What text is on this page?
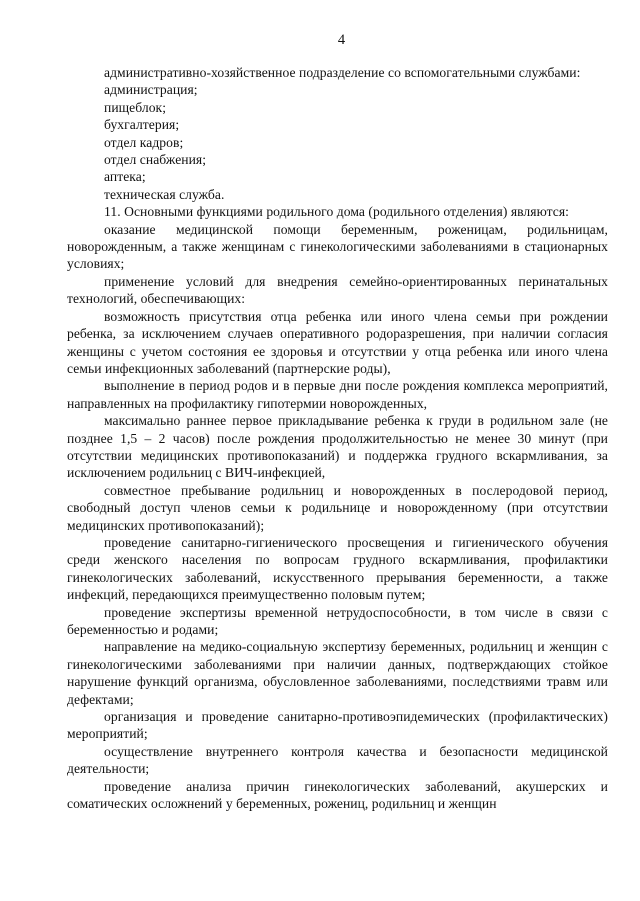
4

административно-хозяйственное подразделение со вспомогательными службами:

администрация;

пищеблок;

бухгалтерия;

отдел кадров;

отдел снабжения;

аптека;

техническая служба.

11. Основными функциями родильного дома (родильного отделения) являются:

оказание медицинской помощи беременным, роженицам, родильницам, новорожденным, а также женщинам с гинекологическими заболеваниями в стационарных условиях;

применение условий для внедрения семейно-ориентированных перинатальных технологий, обеспечивающих:

возможность присутствия отца ребенка или иного члена семьи при рождении ребенка, за исключением случаев оперативного родоразрешения, при наличии согласия женщины с учетом состояния ее здоровья и отсутствии у отца ребенка или иного члена семьи инфекционных заболеваний (партнерские роды),

выполнение в период родов и в первые дни после рождения комплекса мероприятий, направленных на профилактику гипотермии новорожденных,

максимально раннее первое прикладывание ребенка к груди в родильном зале (не позднее 1,5 – 2 часов) после рождения продолжительностью не менее 30 минут (при отсутствии медицинских противопоказаний) и поддержка грудного вскармливания, за исключением родильниц с ВИЧ-инфекцией,

совместное пребывание родильниц и новорожденных в послеродовой период, свободный доступ членов семьи к родильнице и новорожденному (при отсутствии медицинских противопоказаний);

проведение санитарно-гигиенического просвещения и гигиенического обучения среди женского населения по вопросам грудного вскармливания, профилактики гинекологических заболеваний, искусственного прерывания беременности, а также инфекций, передающихся преимущественно половым путем;

проведение экспертизы временной нетрудоспособности, в том числе в связи с беременностью и родами;

направление на медико-социальную экспертизу беременных, родильниц и женщин с гинекологическими заболеваниями при наличии данных, подтверждающих стойкое нарушение функций организма, обусловленное заболеваниями, последствиями травм или дефектами;

организация и проведение санитарно-противоэпидемических (профилактических) мероприятий;

осуществление внутреннего контроля качества и безопасности медицинской деятельности;

проведение анализа причин гинекологических заболеваний, акушерских и соматических осложнений у беременных, рожениц, родильниц и женщин
